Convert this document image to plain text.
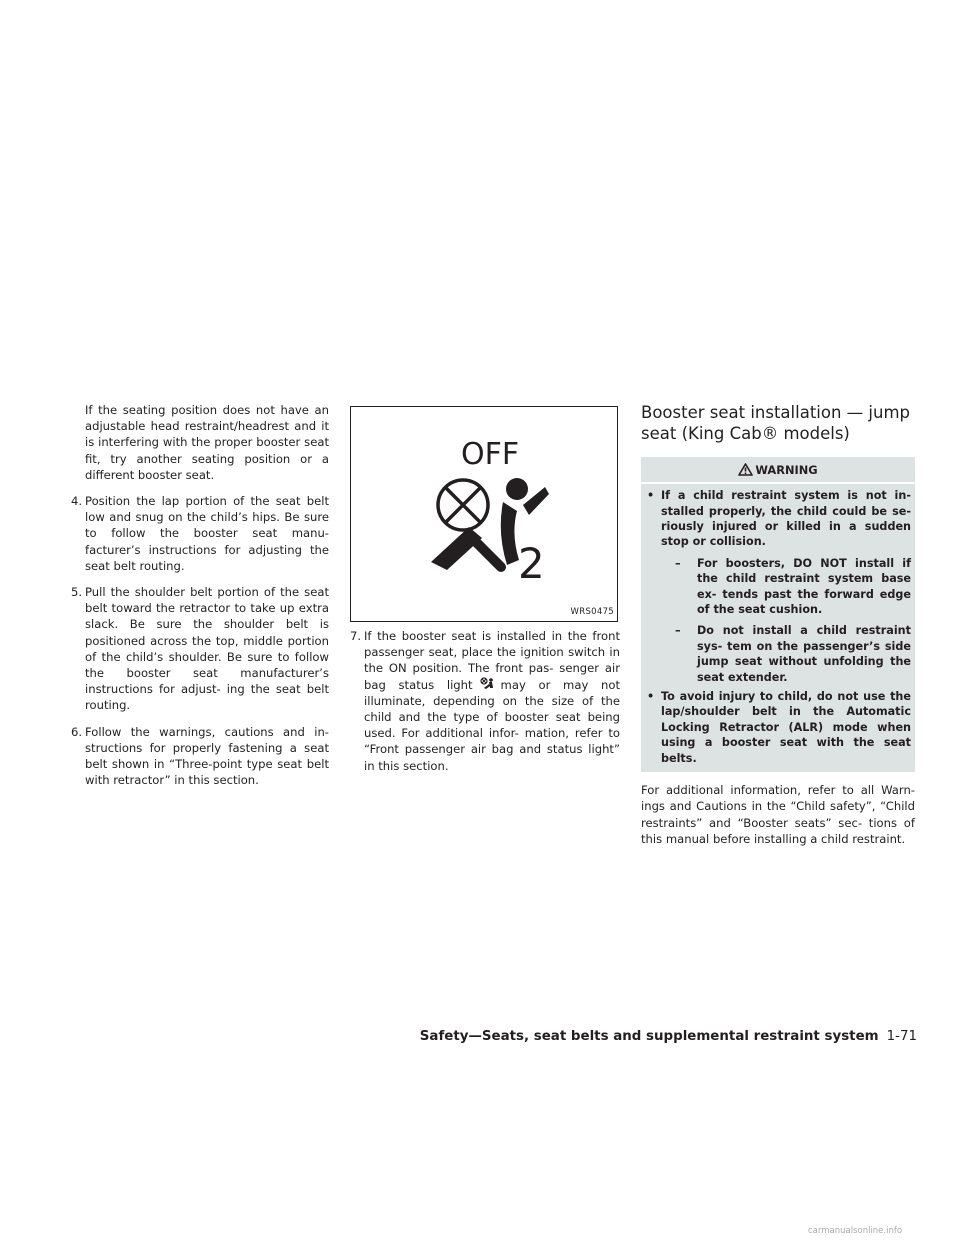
If the seating position does not have an adjustable head restraint/headrest and it is interfering with the proper booster seat fit, try another seating position or a different booster seat.

4. Position the lap portion of the seat belt low and snug on the child’s hips. Be sure to follow the booster seat manu- facturer’s instructions for adjusting the seat belt routing.

5. Pull the shoulder belt portion of the seat belt toward the retractor to take up extra slack. Be sure the shoulder belt is positioned across the top, middle portion of the child’s shoulder. Be sure to follow the booster seat manufacturer’s instructions for adjust- ing the seat belt routing.

6. Follow the warnings, cautions and in- structions for properly fastening a seat belt shown in “Three-point type seat belt with retractor” in this section.

OFF
2
WRS0475

7. If the booster seat is installed in the front passenger seat, place the ignition switch in the ON position. The front pas- senger air bag status light may or may not illuminate, depending on the size of the child and the type of booster seat being used. For additional infor- mation, refer to “Front passenger air bag and status light” in this section.

Booster seat installation — jump seat (King Cab® models)
WARNING
• If a child restraint system is not in- stalled properly, the child could be se- riously injured or killed in a sudden stop or collision.
– For boosters, DO NOT install if the child restraint system base ex- tends past the forward edge of the seat cushion.
– Do not install a child restraint sys- tem on the passenger’s side jump seat without unfolding the seat extender.
• To avoid injury to child, do not use the lap/shoulder belt in the Automatic Locking Retractor (ALR) mode when using a booster seat with the seat belts.

For additional information, refer to all Warn- ings and Cautions in the “Child safety”, “Child restraints” and “Booster seats” sec- tions of this manual before installing a child restraint.

Safety—Seats, seat belts and supplemental restraint system 1-71
carmanualsonline.info
